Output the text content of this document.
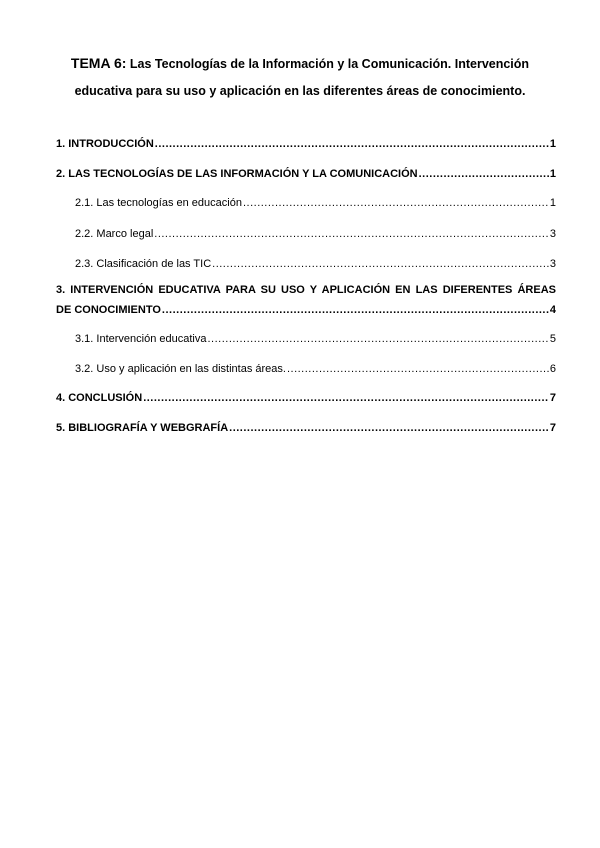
TEMA 6: Las Tecnologías de la Información y la Comunicación. Intervención
educativa para su uso y aplicación en las diferentes áreas de conocimiento.
1. INTRODUCCIÓN .....	1
2. LAS TECNOLOGÍAS DE LAS INFORMACIÓN Y LA COMUNICACIÓN .....	1
2.1. Las tecnologías en educación .....	1
2.2. Marco legal .....	3
2.3. Clasificación de las TIC .....	3
3. INTERVENCIÓN EDUCATIVA PARA SU USO Y APLICACIÓN EN LAS DIFERENTES ÁREAS
DE CONOCIMIENTO .....	4
3.1. Intervención educativa .....	5
3.2. Uso y aplicación en las distintas áreas. .....	6
4. CONCLUSIÓN .....	7
5. BIBLIOGRAFÍA Y WEBGRAFÍA .....	7
